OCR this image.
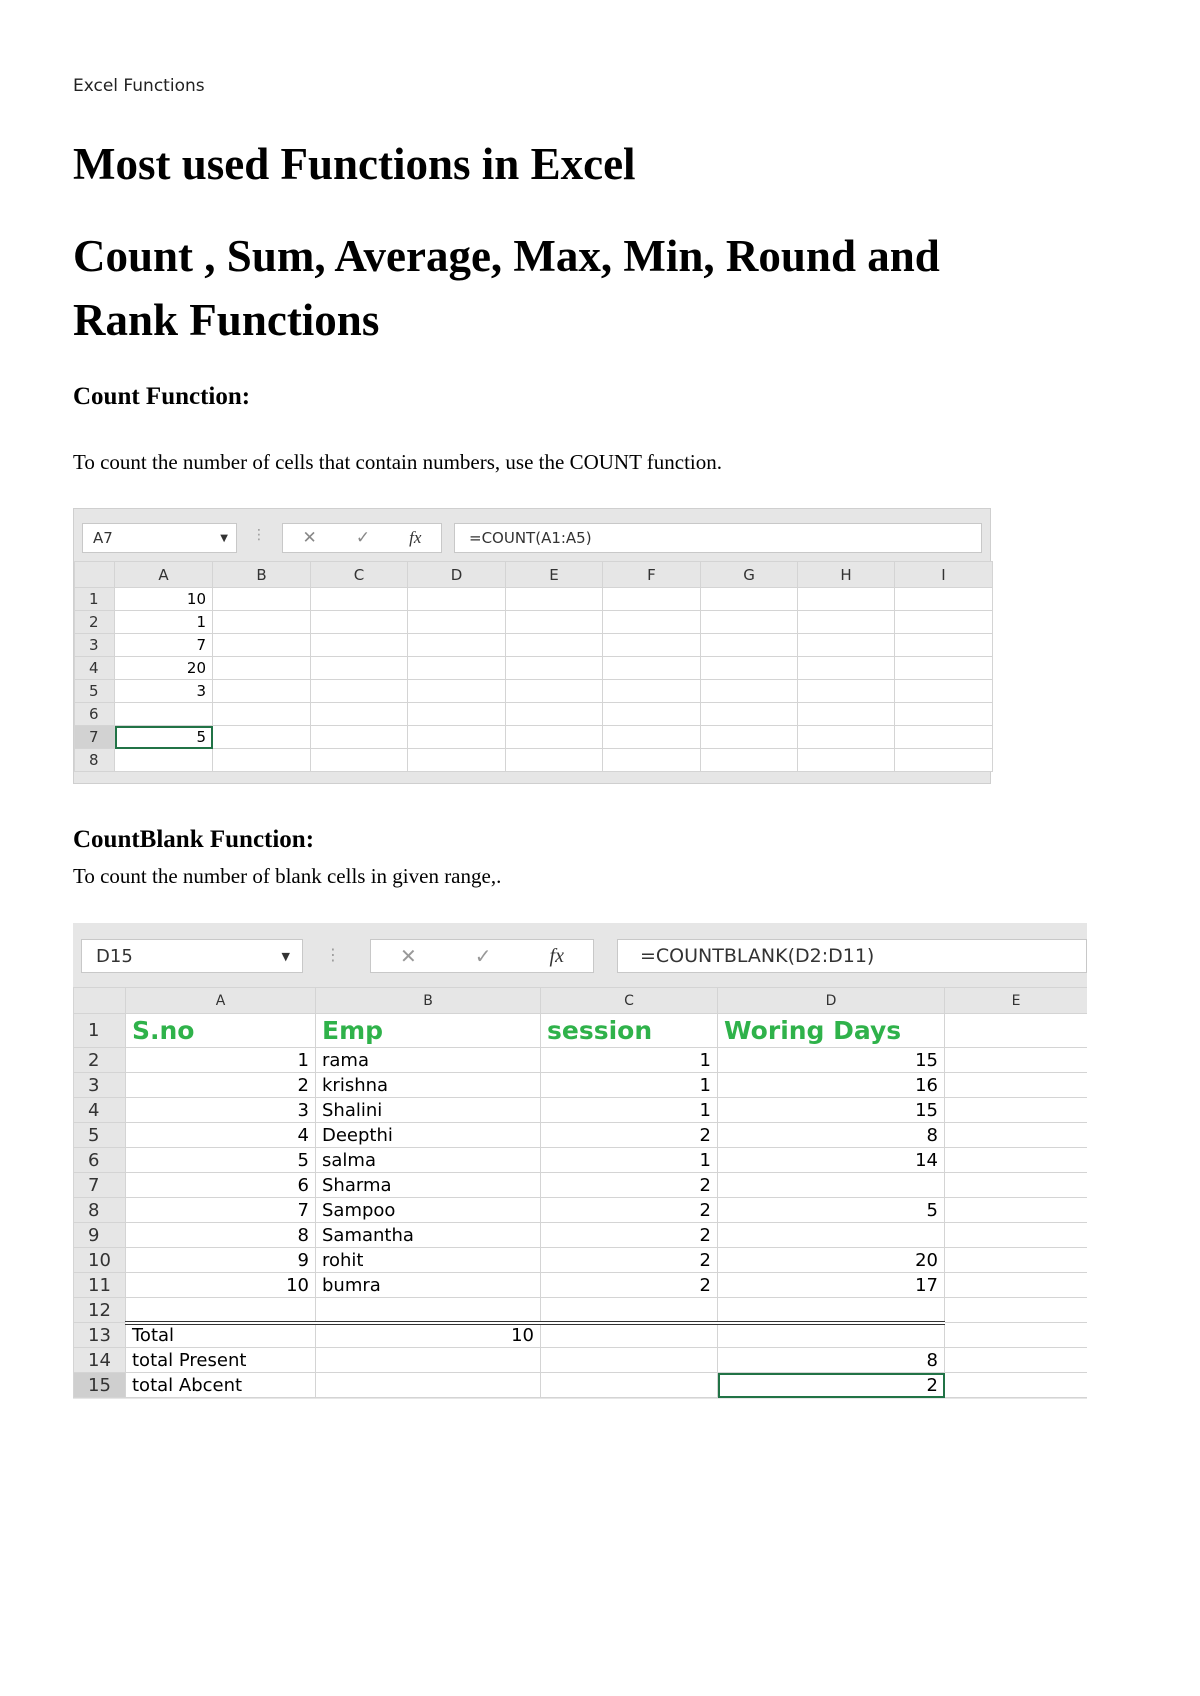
Excel Functions
Most used Functions in Excel
Count , Sum, Average, Max, Min, Round and
Rank Functions
Count Function:

To count the number of cells that contain numbers, use the COUNT function.

A7	▼ ⋮ ✕ ✓ fx	=COUNT(A1:A5)
	A	B	C	D	E	F	G	H	I
1	10								
2	1								
3	7								
4	20								
5	3								
6									
7	5								
8									
CountBlank Function:

To count the number of blank cells in given range,.

D15	▼ ⋮	✕	✓	fx	=COUNTBLANK(D2:D11)
	A	B	C	D	E
1	S.no	Emp	session	Woring Days	
2	1	rama	1	15	
3	2	krishna	1	16	
4	3	Shalini	1	15	
5	4	Deepthi	2	8	
6	5	salma	1	14	
7	6	Sharma	2		
8	7	Sampoo	2	5	
9	8	Samantha	2		
10	9	rohit	2	20	
11	10	bumra	2	17	
12					
13	Total	10			
14	total Present			8	
15	total Abcent			2	
